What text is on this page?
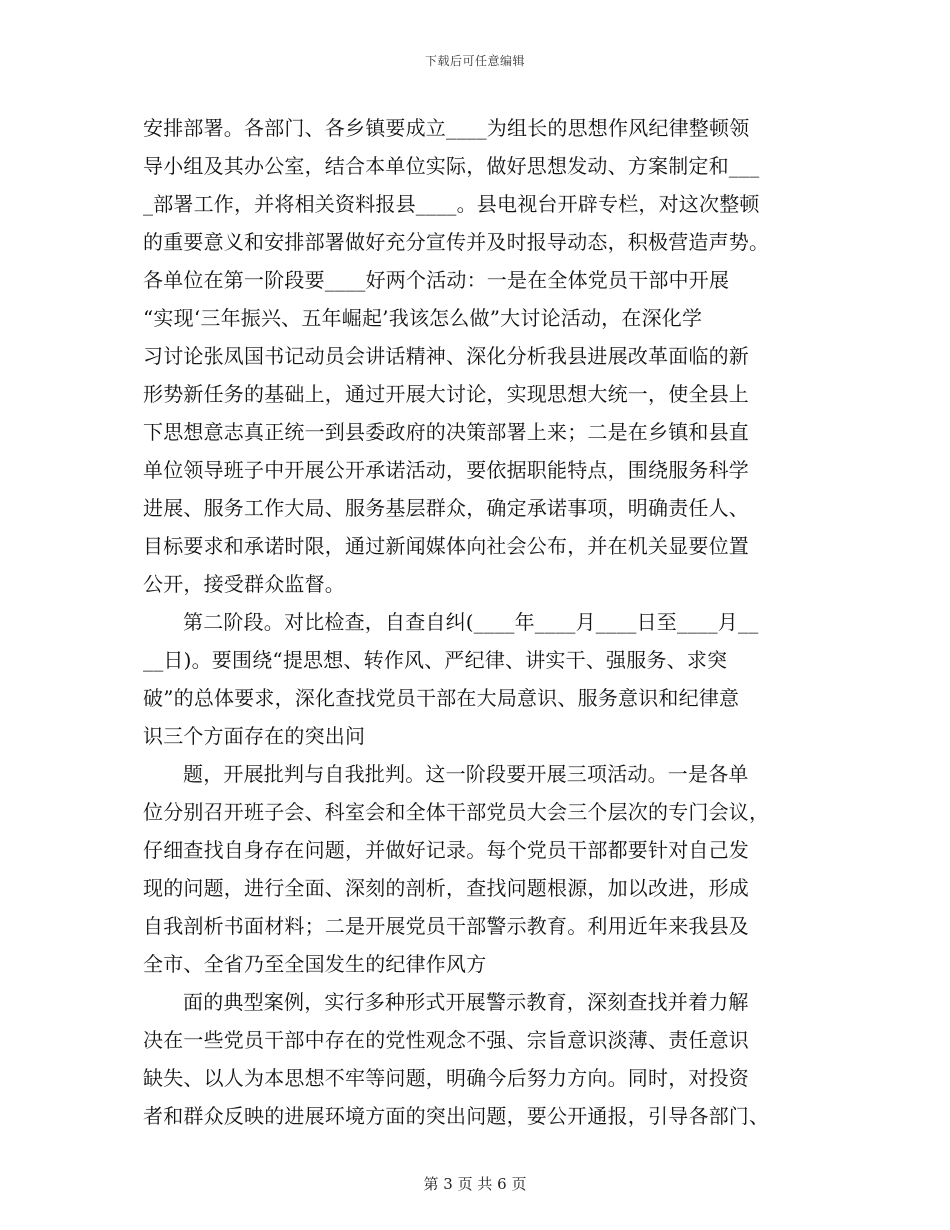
下载后可任意编辑
安排部署。各部门、各乡镇要成立____为组长的思想作风纪律整顿领
导小组及其办公室，结合本单位实际，做好思想发动、方案制定和___
_部署工作，并将相关资料报县____。县电视台开辟专栏，对这次整顿
的重要意义和安排部署做好充分宣传并及时报导动态，积极营造声势。
各单位在第一阶段要____好两个活动：一是在全体党员干部中开展
“实现‘三年振兴、五年崛起’我该怎么做”大讨论活动，在深化学
习讨论张凤国书记动员会讲话精神、深化分析我县进展改革面临的新
形势新任务的基础上，通过开展大讨论，实现思想大统一，使全县上
下思想意志真正统一到县委政府的决策部署上来；二是在乡镇和县直
单位领导班子中开展公开承诺活动，要依据职能特点，围绕服务科学
进展、服务工作大局、服务基层群众，确定承诺事项，明确责任人、
目标要求和承诺时限，通过新闻媒体向社会公布，并在机关显要位置
公开，接受群众监督。
第二阶段。对比检查，自查自纠(____年____月____日至____月__
__日)。要围绕“提思想、转作风、严纪律、讲实干、强服务、求突
破”的总体要求，深化查找党员干部在大局意识、服务意识和纪律意
识三个方面存在的突出问
题，开展批判与自我批判。这一阶段要开展三项活动。一是各单
位分别召开班子会、科室会和全体干部党员大会三个层次的专门会议，
仔细查找自身存在问题，并做好记录。每个党员干部都要针对自己发
现的问题，进行全面、深刻的剖析，查找问题根源，加以改进，形成
自我剖析书面材料；二是开展党员干部警示教育。利用近年来我县及
全市、全省乃至全国发生的纪律作风方
面的典型案例，实行多种形式开展警示教育，深刻查找并着力解
决在一些党员干部中存在的党性观念不强、宗旨意识淡薄、责任意识
缺失、以人为本思想不牢等问题，明确今后努力方向。同时，对投资
者和群众反映的进展环境方面的突出问题，要公开通报，引导各部门、
第 3 页 共 6 页
